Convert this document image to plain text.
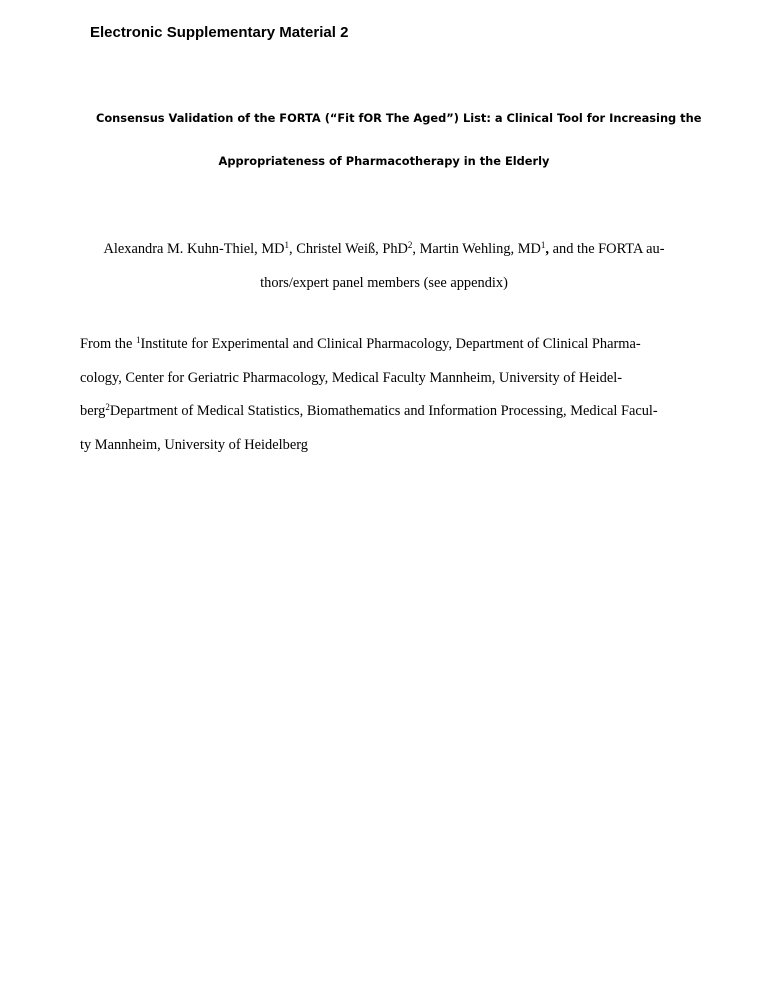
Electronic Supplementary Material 2
Consensus Validation of the FORTA (“Fit fOR The Aged”) List: a Clinical Tool for Increasing the
Appropriateness of Pharmacotherapy in the Elderly
Alexandra M. Kuhn-Thiel, $MD^1$, Christel Weiß, PhD$^2$, Martin Wehling, $MD^1$, and the FORTA au-
thors/expert panel members (see appendix)
From the $^1$Institute for Experimental and Clinical Pharmacology, Department of Clinical Pharma-
cology, Center for Geriatric Pharmacology, Medical Faculty Mannheim, University of Heidel-
berg$^2$Department of Medical Statistics, Biomathematics and Information Processing, Medical Facul-
ty Mannheim, University of Heidelberg
